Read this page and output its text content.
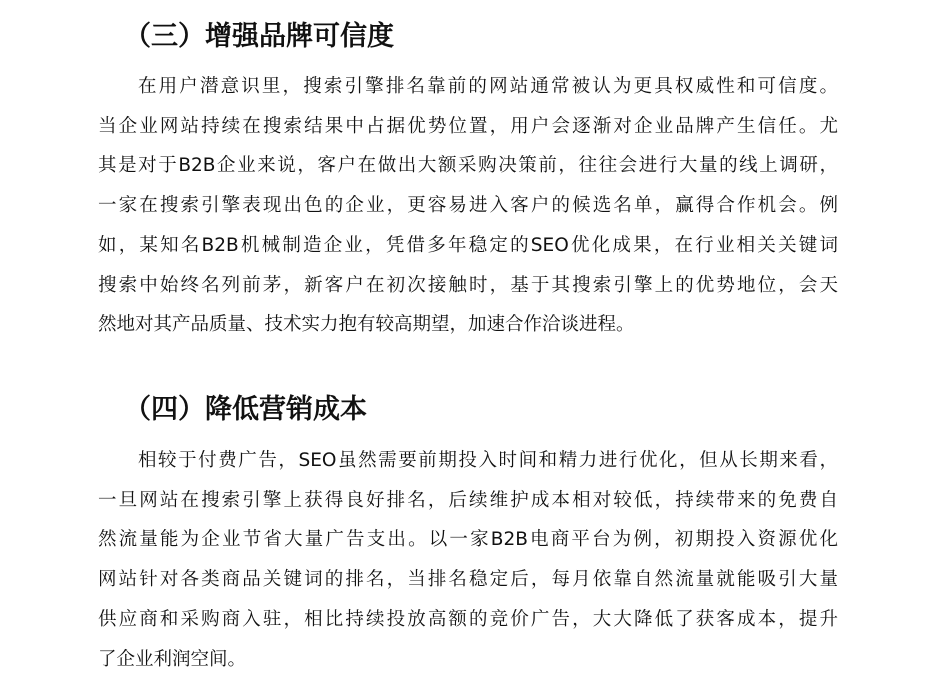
（三）增强品牌可信度
在用户潜意识里，搜索引擎排名靠前的网站通常被认为更具权威性和可信度。
当企业网站持续在搜索结果中占据优势位置，用户会逐渐对企业品牌产生信任。尤
其是对于B2B企业来说，客户在做出大额采购决策前，往往会进行大量的线上调研，
一家在搜索引擎表现出色的企业，更容易进入客户的候选名单，赢得合作机会。例
如，某知名B2B机械制造企业，凭借多年稳定的SEO优化成果，在行业相关关键词
搜索中始终名列前茅，新客户在初次接触时，基于其搜索引擎上的优势地位，会天
然地对其产品质量、技术实力抱有较高期望，加速合作洽谈进程。
（四）降低营销成本
相较于付费广告，SEO虽然需要前期投入时间和精力进行优化，但从长期来看，
一旦网站在搜索引擎上获得良好排名，后续维护成本相对较低，持续带来的免费自
然流量能为企业节省大量广告支出。以一家B2B电商平台为例，初期投入资源优化
网站针对各类商品关键词的排名，当排名稳定后，每月依靠自然流量就能吸引大量
供应商和采购商入驻，相比持续投放高额的竞价广告，大大降低了获客成本，提升
了企业利润空间。
